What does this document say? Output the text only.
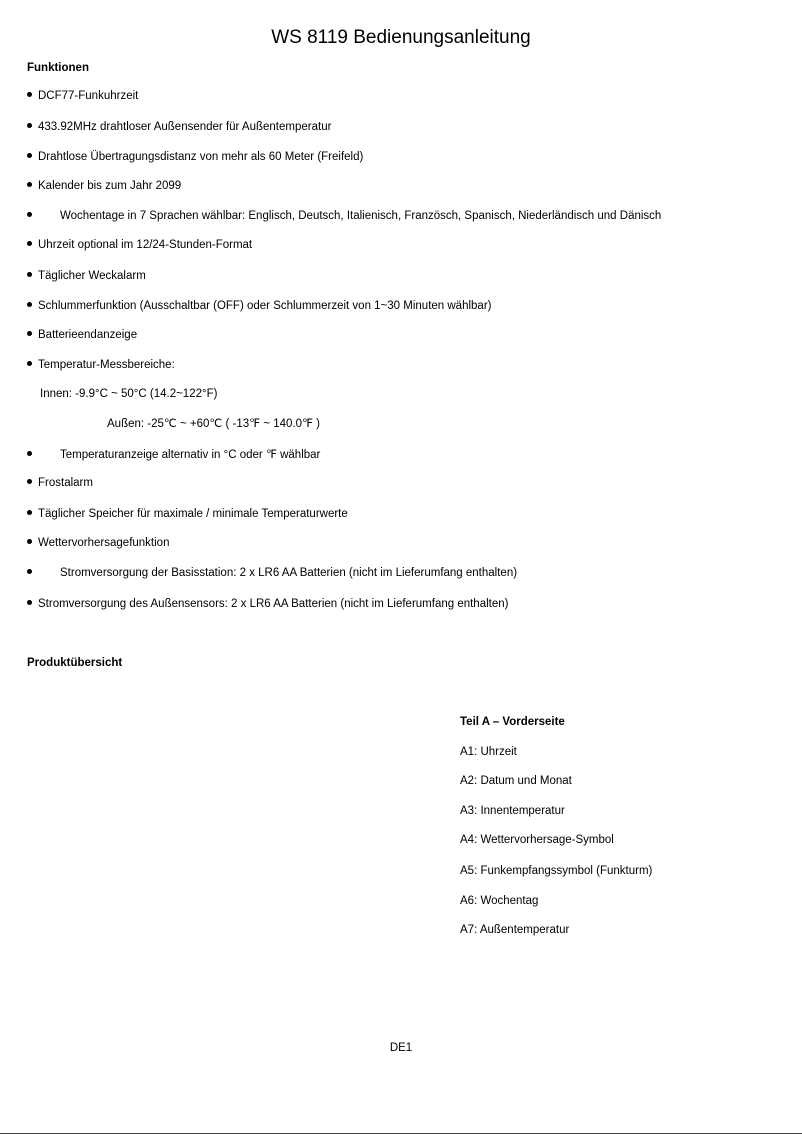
WS 8119 Bedienungsanleitung
Funktionen
DCF77-Funkuhrzeit
433.92MHz drahtloser Außensender für Außentemperatur
Drahtlose Übertragungsdistanz von mehr als 60 Meter (Freifeld)
Kalender bis zum Jahr 2099
Wochentage in 7 Sprachen wählbar: Englisch, Deutsch, Italienisch, Französch, Spanisch, Niederländisch und Dänisch
Uhrzeit optional im 12/24-Stunden-Format
Täglicher Weckalarm
Schlummerfunktion (Ausschaltbar (OFF) oder Schlummerzeit von 1~30 Minuten wählbar)
Batterieendanzeige
Temperatur-Messbereiche:
Innen: -9.9°C ~ 50°C (14.2~122°F)
Außen: -25℃ ~ +60℃ ( -13℉ ~ 140.0℉ )
Temperaturanzeige alternativ in °C oder ℉ wählbar
Frostalarm
Täglicher Speicher für maximale / minimale Temperaturwerte
Wettervorhersagefunktion
Stromversorgung der Basisstation: 2 x LR6 AA Batterien (nicht im Lieferumfang enthalten)
Stromversorgung des Außensensors: 2 x LR6 AA Batterien (nicht im Lieferumfang enthalten)
Produktübersicht
Teil A – Vorderseite
A1: Uhrzeit
A2: Datum und Monat
A3: Innentemperatur
A4: Wettervorhersage-Symbol
A5: Funkempfangssymbol (Funkturm)
A6: Wochentag
A7: Außentemperatur
DE1
